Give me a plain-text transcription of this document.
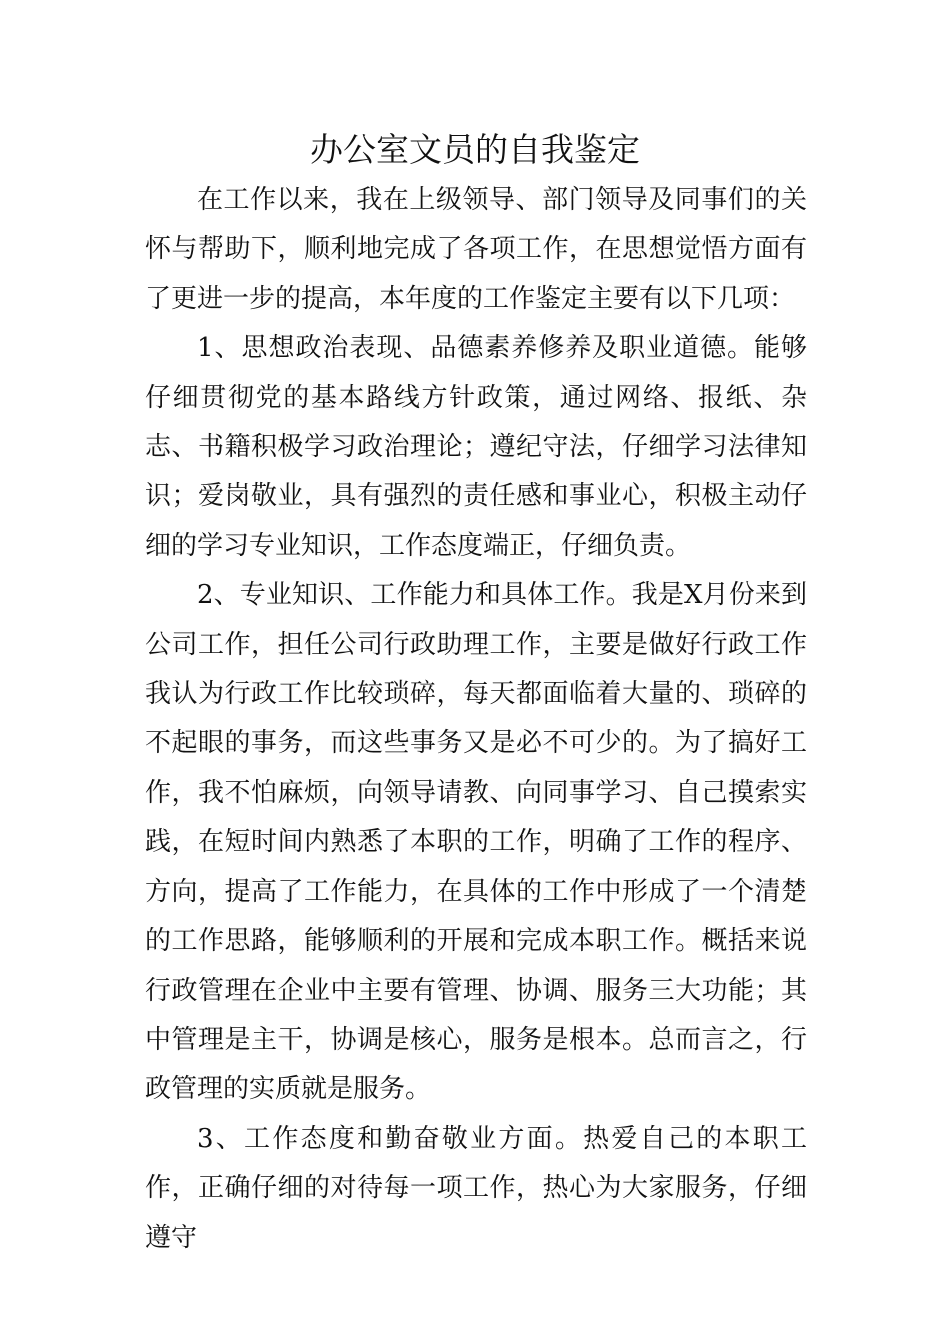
办公室文员的自我鉴定

在工作以来，我在上级领导、部门领导及同事们的关怀与帮助下，顺利地完成了各项工作，在思想觉悟方面有了更进一步的提高，本年度的工作鉴定主要有以下几项：

1、思想政治表现、品德素养修养及职业道德。能够仔细贯彻党的基本路线方针政策，通过网络、报纸、杂志、书籍积极学习政治理论；遵纪守法，仔细学习法律知识；爱岗敬业，具有强烈的责任感和事业心，积极主动仔细的学习专业知识，工作态度端正，仔细负责。

2、专业知识、工作能力和具体工作。我是X月份来到公司工作，担任公司行政助理工作，主要是做好行政工作我认为行政工作比较琐碎，每天都面临着大量的、琐碎的不起眼的事务，而这些事务又是必不可少的。为了搞好工作，我不怕麻烦，向领导请教、向同事学习、自己摸索实践，在短时间内熟悉了本职的工作，明确了工作的程序、方向，提高了工作能力，在具体的工作中形成了一个清楚的工作思路，能够顺利的开展和完成本职工作。概括来说行政管理在企业中主要有管理、协调、服务三大功能；其中管理是主干，协调是核心，服务是根本。总而言之，行政管理的实质就是服务。

3、工作态度和勤奋敬业方面。热爱自己的本职工作，正确仔细的对待每一项工作，热心为大家服务，仔细遵守
